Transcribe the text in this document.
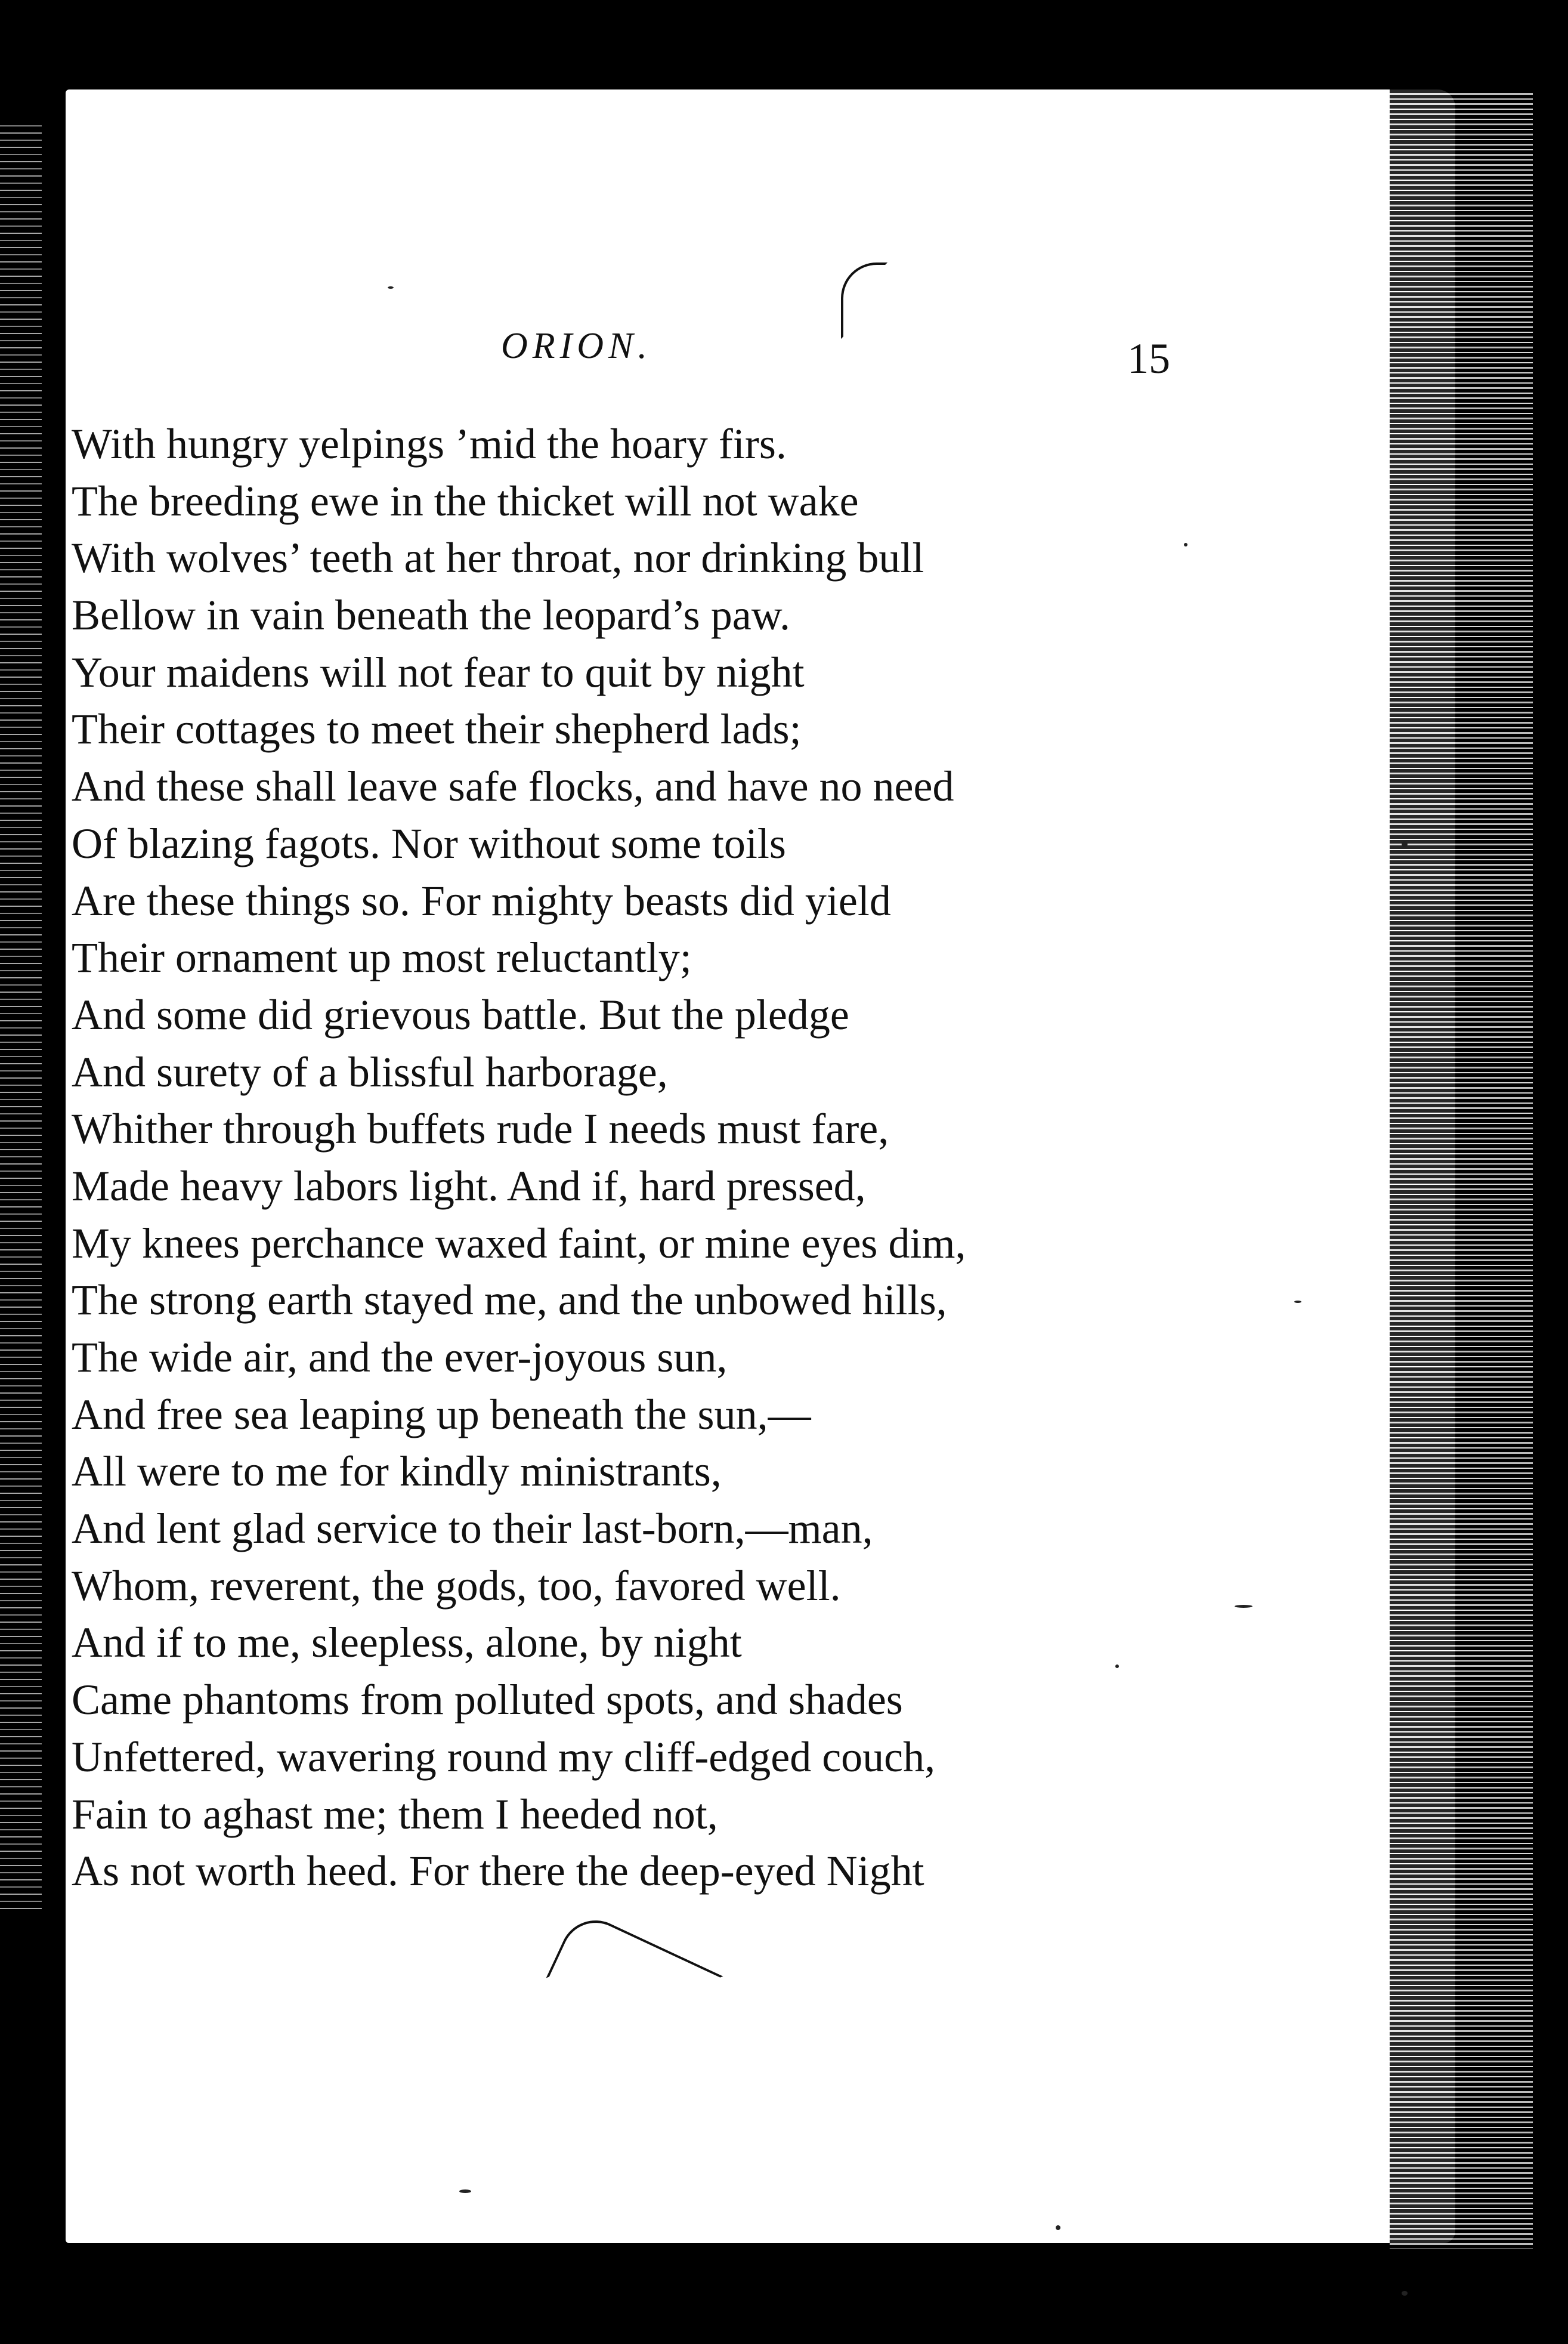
ORION.	15
With hungry yelpings ’mid the hoary firs.
The breeding ewe in the thicket will not wake
With wolves’ teeth at her throat, nor drinking bull
Bellow in vain beneath the leopard’s paw.
Your maidens will not fear to quit by night
Their cottages to meet their shepherd lads;
And these shall leave safe flocks, and have no need
Of blazing fagots. Nor without some toils
Are these things so. For mighty beasts did yield
Their ornament up most reluctantly;
And some did grievous battle. But the pledge
And surety of a blissful harborage,
Whither through buffets rude I needs must fare,
Made heavy labors light. And if, hard pressed,
My knees perchance waxed faint, or mine eyes dim,
The strong earth stayed me, and the unbowed hills,
The wide air, and the ever-joyous sun,
And free sea leaping up beneath the sun,—
All were to me for kindly ministrants,
And lent glad service to their last-born,—man,
Whom, reverent, the gods, too, favored well.
And if to me, sleepless, alone, by night
Came phantoms from polluted spots, and shades
Unfettered, wavering round my cliff-edged couch,
Fain to aghast me; them I heeded not,
As not worth heed. For there the deep-eyed Night
